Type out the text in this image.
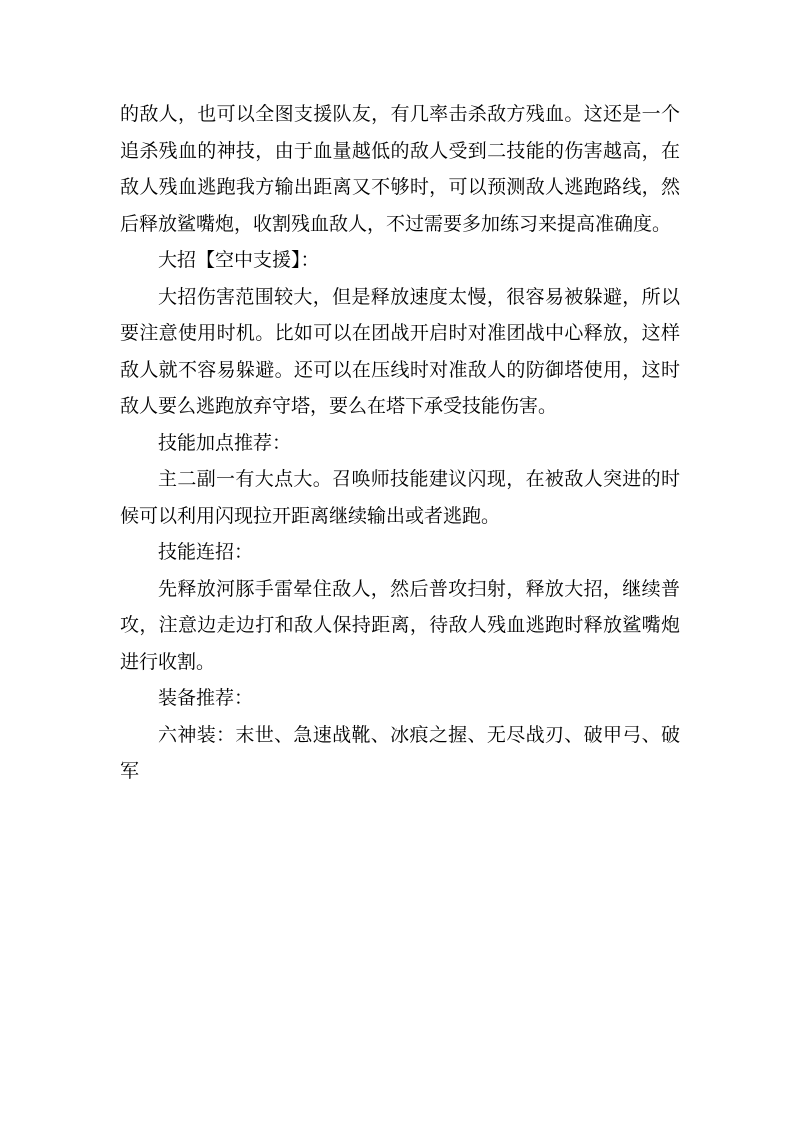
的敌人，也可以全图支援队友，有几率击杀敌方残血。这还是一个追杀残血的神技，由于血量越低的敌人受到二技能的伤害越高，在敌人残血逃跑我方输出距离又不够时，可以预测敌人逃跑路线，然后释放鲨嘴炮，收割残血敌人，不过需要多加练习来提高准确度。

大招【空中支援】：

大招伤害范围较大，但是释放速度太慢，很容易被躲避，所以要注意使用时机。比如可以在团战开启时对准团战中心释放，这样敌人就不容易躲避。还可以在压线时对准敌人的防御塔使用，这时敌人要么逃跑放弃守塔，要么在塔下承受技能伤害。

技能加点推荐：

主二副一有大点大。召唤师技能建议闪现，在被敌人突进的时候可以利用闪现拉开距离继续输出或者逃跑。

技能连招：

先释放河豚手雷晕住敌人，然后普攻扫射，释放大招，继续普攻，注意边走边打和敌人保持距离，待敌人残血逃跑时释放鲨嘴炮进行收割。

装备推荐：

六神装：末世、急速战靴、冰痕之握、无尽战刃、破甲弓、破军
